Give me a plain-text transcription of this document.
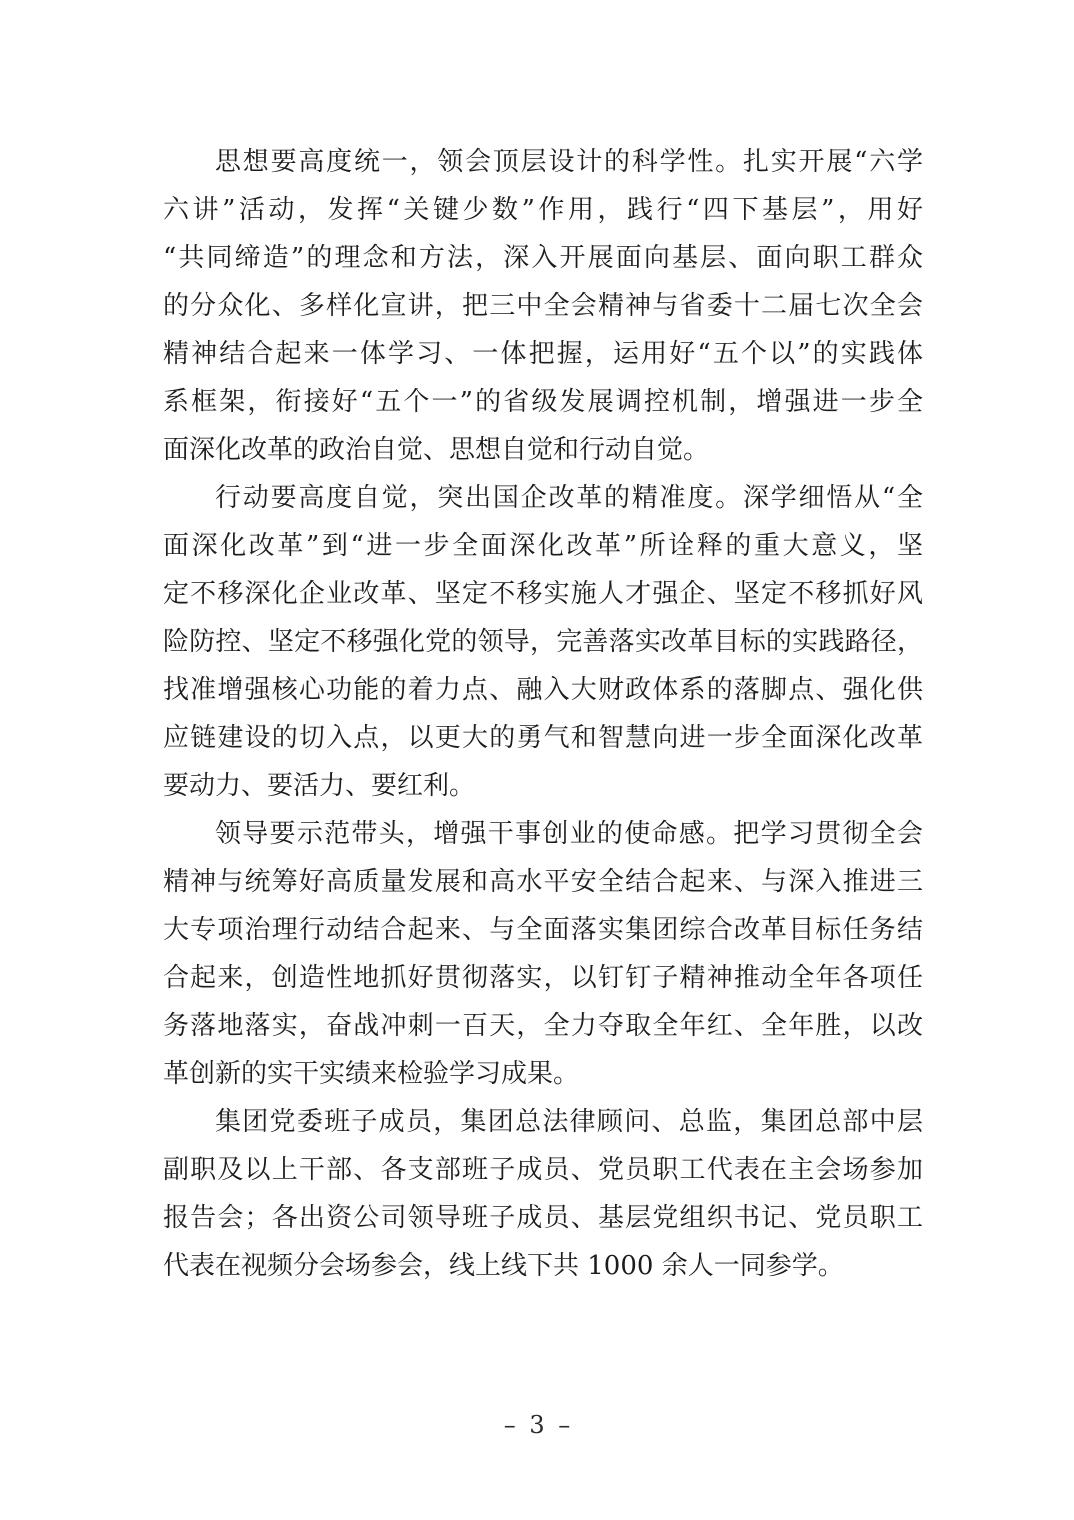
思想要高度统一，领会顶层设计的科学性。扎实开展“六学
六讲”活动，发挥“关键少数”作用，践行“四下基层”，用好
“共同缔造”的理念和方法，深入开展面向基层、面向职工群众
的分众化、多样化宣讲，把三中全会精神与省委十二届七次全会
精神结合起来一体学习、一体把握，运用好“五个以”的实践体
系框架，衔接好“五个一”的省级发展调控机制，增强进一步全
面深化改革的政治自觉、思想自觉和行动自觉。
行动要高度自觉，突出国企改革的精准度。深学细悟从“全
面深化改革”到“进一步全面深化改革”所诠释的重大意义，坚
定不移深化企业改革、坚定不移实施人才强企、坚定不移抓好风
险防控、坚定不移强化党的领导，完善落实改革目标的实践路径，
找准增强核心功能的着力点、融入大财政体系的落脚点、强化供
应链建设的切入点，以更大的勇气和智慧向进一步全面深化改革
要动力、要活力、要红利。
领导要示范带头，增强干事创业的使命感。把学习贯彻全会
精神与统筹好高质量发展和高水平安全结合起来、与深入推进三
大专项治理行动结合起来、与全面落实集团综合改革目标任务结
合起来，创造性地抓好贯彻落实，以钉钉子精神推动全年各项任
务落地落实，奋战冲刺一百天，全力夺取全年红、全年胜，以改
革创新的实干实绩来检验学习成果。
集团党委班子成员，集团总法律顾问、总监，集团总部中层
副职及以上干部、各支部班子成员、党员职工代表在主会场参加
报告会；各出资公司领导班子成员、基层党组织书记、党员职工
代表在视频分会场参会，线上线下共 1000 余人一同参学。
– 3 –
